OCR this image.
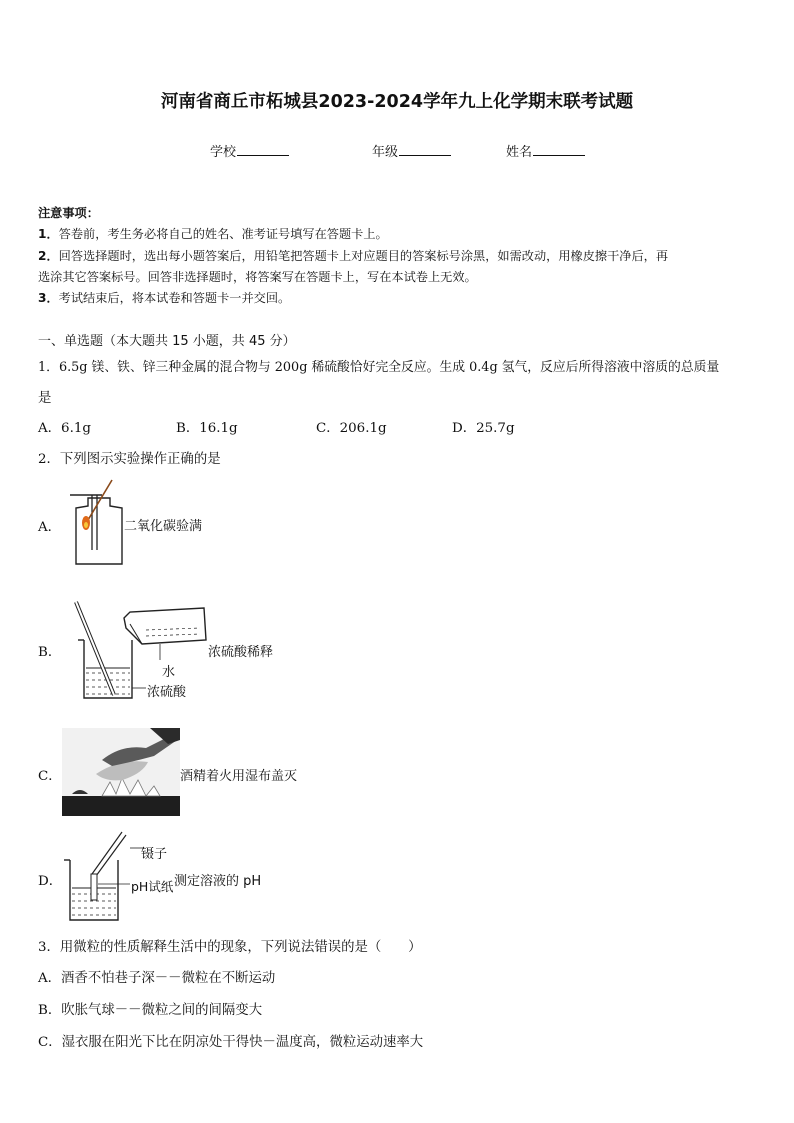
河南省商丘市柘城县2023-2024学年九上化学期末联考试题
学校	年级	姓名
注意事项：
1．答卷前，考生务必将自己的姓名、准考证号填写在答题卡上。
2．回答选择题时，选出每小题答案后，用铅笔把答题卡上对应题目的答案标号涂黑，如需改动，用橡皮擦干净后，再
选涂其它答案标号。回答非选择题时，将答案写在答题卡上，写在本试卷上无效。
3．考试结束后，将本试卷和答题卡一并交回。
一、单选题（本大题共 15 小题，共 45 分）
1．6.5g 镁、铁、锌三种金属的混合物与 200g 稀硫酸恰好完全反应。生成 0.4g 氢气，反应后所得溶液中溶质的总质量
是
A．6.1g	B．16.1g	C．206.1g	D．25.7g
2．下列图示实验操作正确的是
A．	二氧化碳验满
B．	浓硫酸稀释
水
浓硫酸
C．	酒精着火用湿布盖灭
D．
镊子
测定溶液的 pH
pH试纸
3．用微粒的性质解释生活中的现象，下列说法错误的是（　　）
A．酒香不怕巷子深－－微粒在不断运动
B．吹胀气球－－微粒之间的间隔变大
C．湿衣服在阳光下比在阴凉处干得快－温度高，微粒运动速率大
